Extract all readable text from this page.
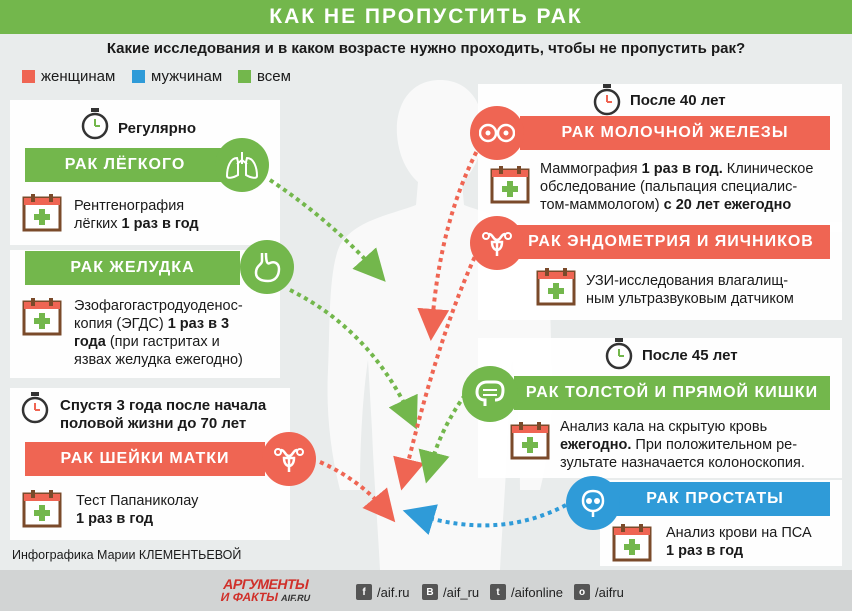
КАК НЕ ПРОПУСТИТЬ РАК
Какие исследования и в каком возрасте нужно проходить, чтобы не пропустить рак?
женщинам мужчинам всем
Регулярно
РАК ЛЁГКОГО
Рентгенография
лёгких 1 раз в год
РАК ЖЕЛУДКА
Эзофагогастродуоденос-
копия (ЭГДС) 1 раз в 3
года (при гастритах и
язвах желудка ежегодно)
Спустя 3 года после начала
половой жизни до 70 лет
РАК ШЕЙКИ МАТКИ
Тест Папаниколау
1 раз в год
После 40 лет
РАК МОЛОЧНОЙ ЖЕЛЕЗЫ
Маммография 1 раз в год. Клиническое
обследование (пальпация специалис-
том-маммологом) с 20 лет ежегодно
РАК ЭНДОМЕТРИЯ И ЯИЧНИКОВ
УЗИ-исследования влагалищ-
ным ультразвуковым датчиком
После 45 лет
РАК ТОЛСТОЙ И ПРЯМОЙ КИШКИ
Анализ кала на скрытую кровь
ежегодно. При положительном ре-
зультате назначается колоноскопия.
РАК ПРОСТАТЫ
Анализ крови на ПСА
1 раз в год
Инфографика Марии КЛЕМЕНТЬЕВОЙ
АРГУМЕНТЫ
И ФАКТЫ AIF.RU
f /aif.ru	В /aif_ru	t /aifonline	о /aifru
